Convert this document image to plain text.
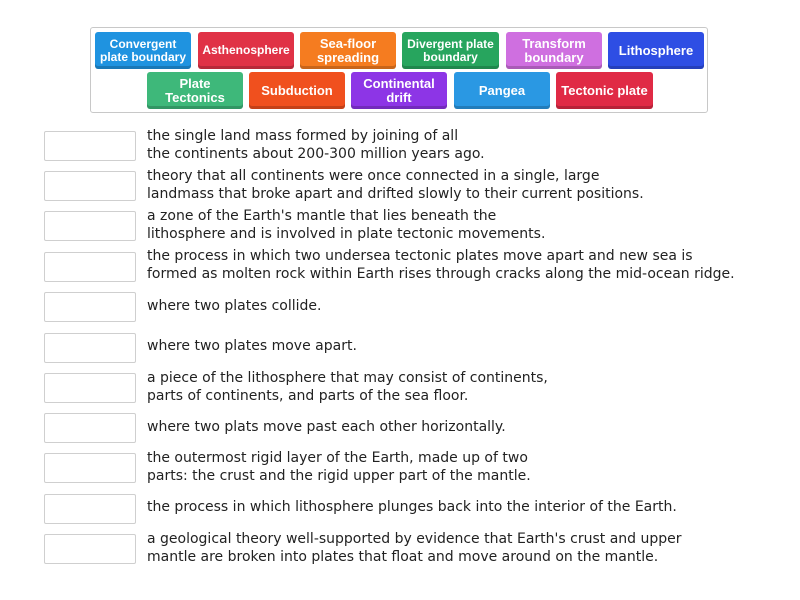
Convergent plate boundary	Asthenosphere	Sea-floor spreading
Divergent plate boundary
Transform boundary	Lithosphere
Plate Tectonics	Subduction	Continental drift	Pangea	Tectonic plate
the single land mass formed by joining of all
the continents about 200-300 million years ago.
theory that all continents were once connected in a single, large
landmass that broke apart and drifted slowly to their current positions.
a zone of the Earth's mantle that lies beneath the
lithosphere and is involved in plate tectonic movements.
the process in which two undersea tectonic plates move apart and new sea is
formed as molten rock within Earth rises through cracks along the mid-ocean ridge.
where two plates collide.
where two plates move apart.
a piece of the lithosphere that may consist of continents,
parts of continents, and parts of the sea floor.
where two plats move past each other horizontally.
the outermost rigid layer of the Earth, made up of two
parts: the crust and the rigid upper part of the mantle.
the process in which lithosphere plunges back into the interior of the Earth.
a geological theory well-supported by evidence that Earth's crust and upper
mantle are broken into plates that float and move around on the mantle.
